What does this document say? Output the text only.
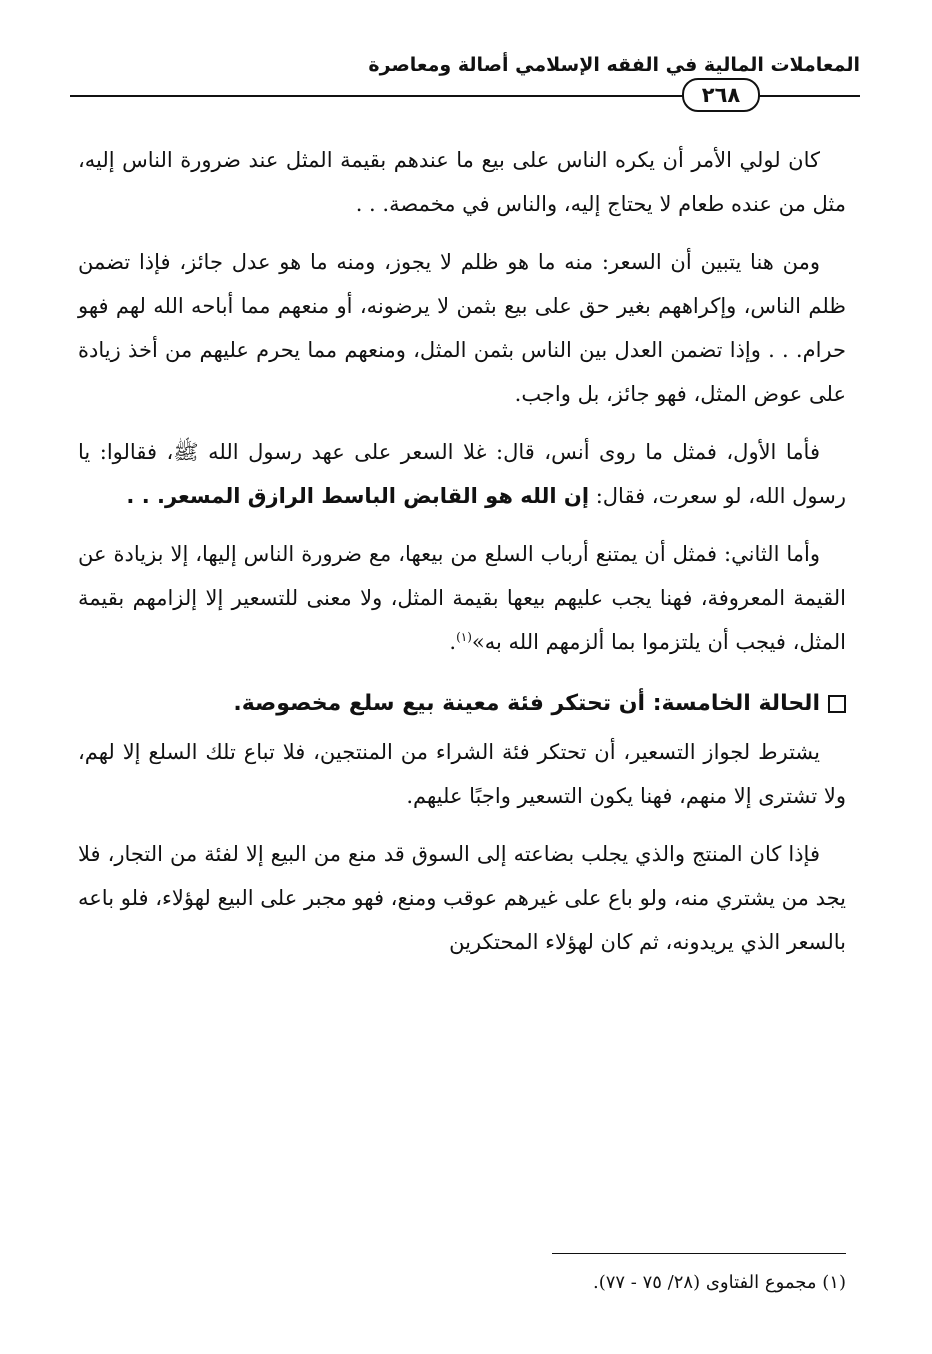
المعاملات المالية في الفقه الإسلامي أصالة ومعاصرة
٢٦٨

كان لولي الأمر أن يكره الناس على بيع ما عندهم بقيمة المثل عند ضرورة الناس إليه، مثل من عنده طعام لا يحتاج إليه، والناس في مخمصة. . .

ومن هنا يتبين أن السعر: منه ما هو ظلم لا يجوز، ومنه ما هو عدل جائز، فإذا تضمن ظلم الناس، وإكراههم بغير حق على بيع بثمن لا يرضونه، أو منعهم مما أباحه الله لهم فهو حرام. . . وإذا تضمن العدل بين الناس بثمن المثل، ومنعهم مما يحرم عليهم من أخذ زيادة على عوض المثل، فهو جائز، بل واجب.

فأما الأول، فمثل ما روى أنس، قال: غلا السعر على عهد رسول الله ﷺ، فقالوا: يا رسول الله، لو سعرت، فقال: إن الله هو القابض الباسط الرازق المسعر. . .

وأما الثاني: فمثل أن يمتنع أرباب السلع من بيعها، مع ضرورة الناس إليها، إلا بزيادة عن القيمة المعروفة، فهنا يجب عليهم بيعها بقيمة المثل، ولا معنى للتسعير إلا إلزامهم بقيمة المثل، فيجب أن يلتزموا بما ألزمهم الله به»$^{(١)}$.

الحالة الخامسة: أن تحتكر فئة معينة بيع سلع مخصوصة.

يشترط لجواز التسعير، أن تحتكر فئة الشراء من المنتجين، فلا تباع تلك السلع إلا لهم، ولا تشترى إلا منهم، فهنا يكون التسعير واجبًا عليهم.

فإذا كان المنتج والذي يجلب بضاعته إلى السوق قد منع من البيع إلا لفئة من التجار، فلا يجد من يشتري منه، ولو باع على غيرهم عوقب ومنع، فهو مجبر على البيع لهؤلاء، فلو باعه بالسعر الذي يريدونه، ثم كان لهؤلاء المحتكرين

(١) مجموع الفتاوى (٢٨/ ٧٥ - ٧٧).
